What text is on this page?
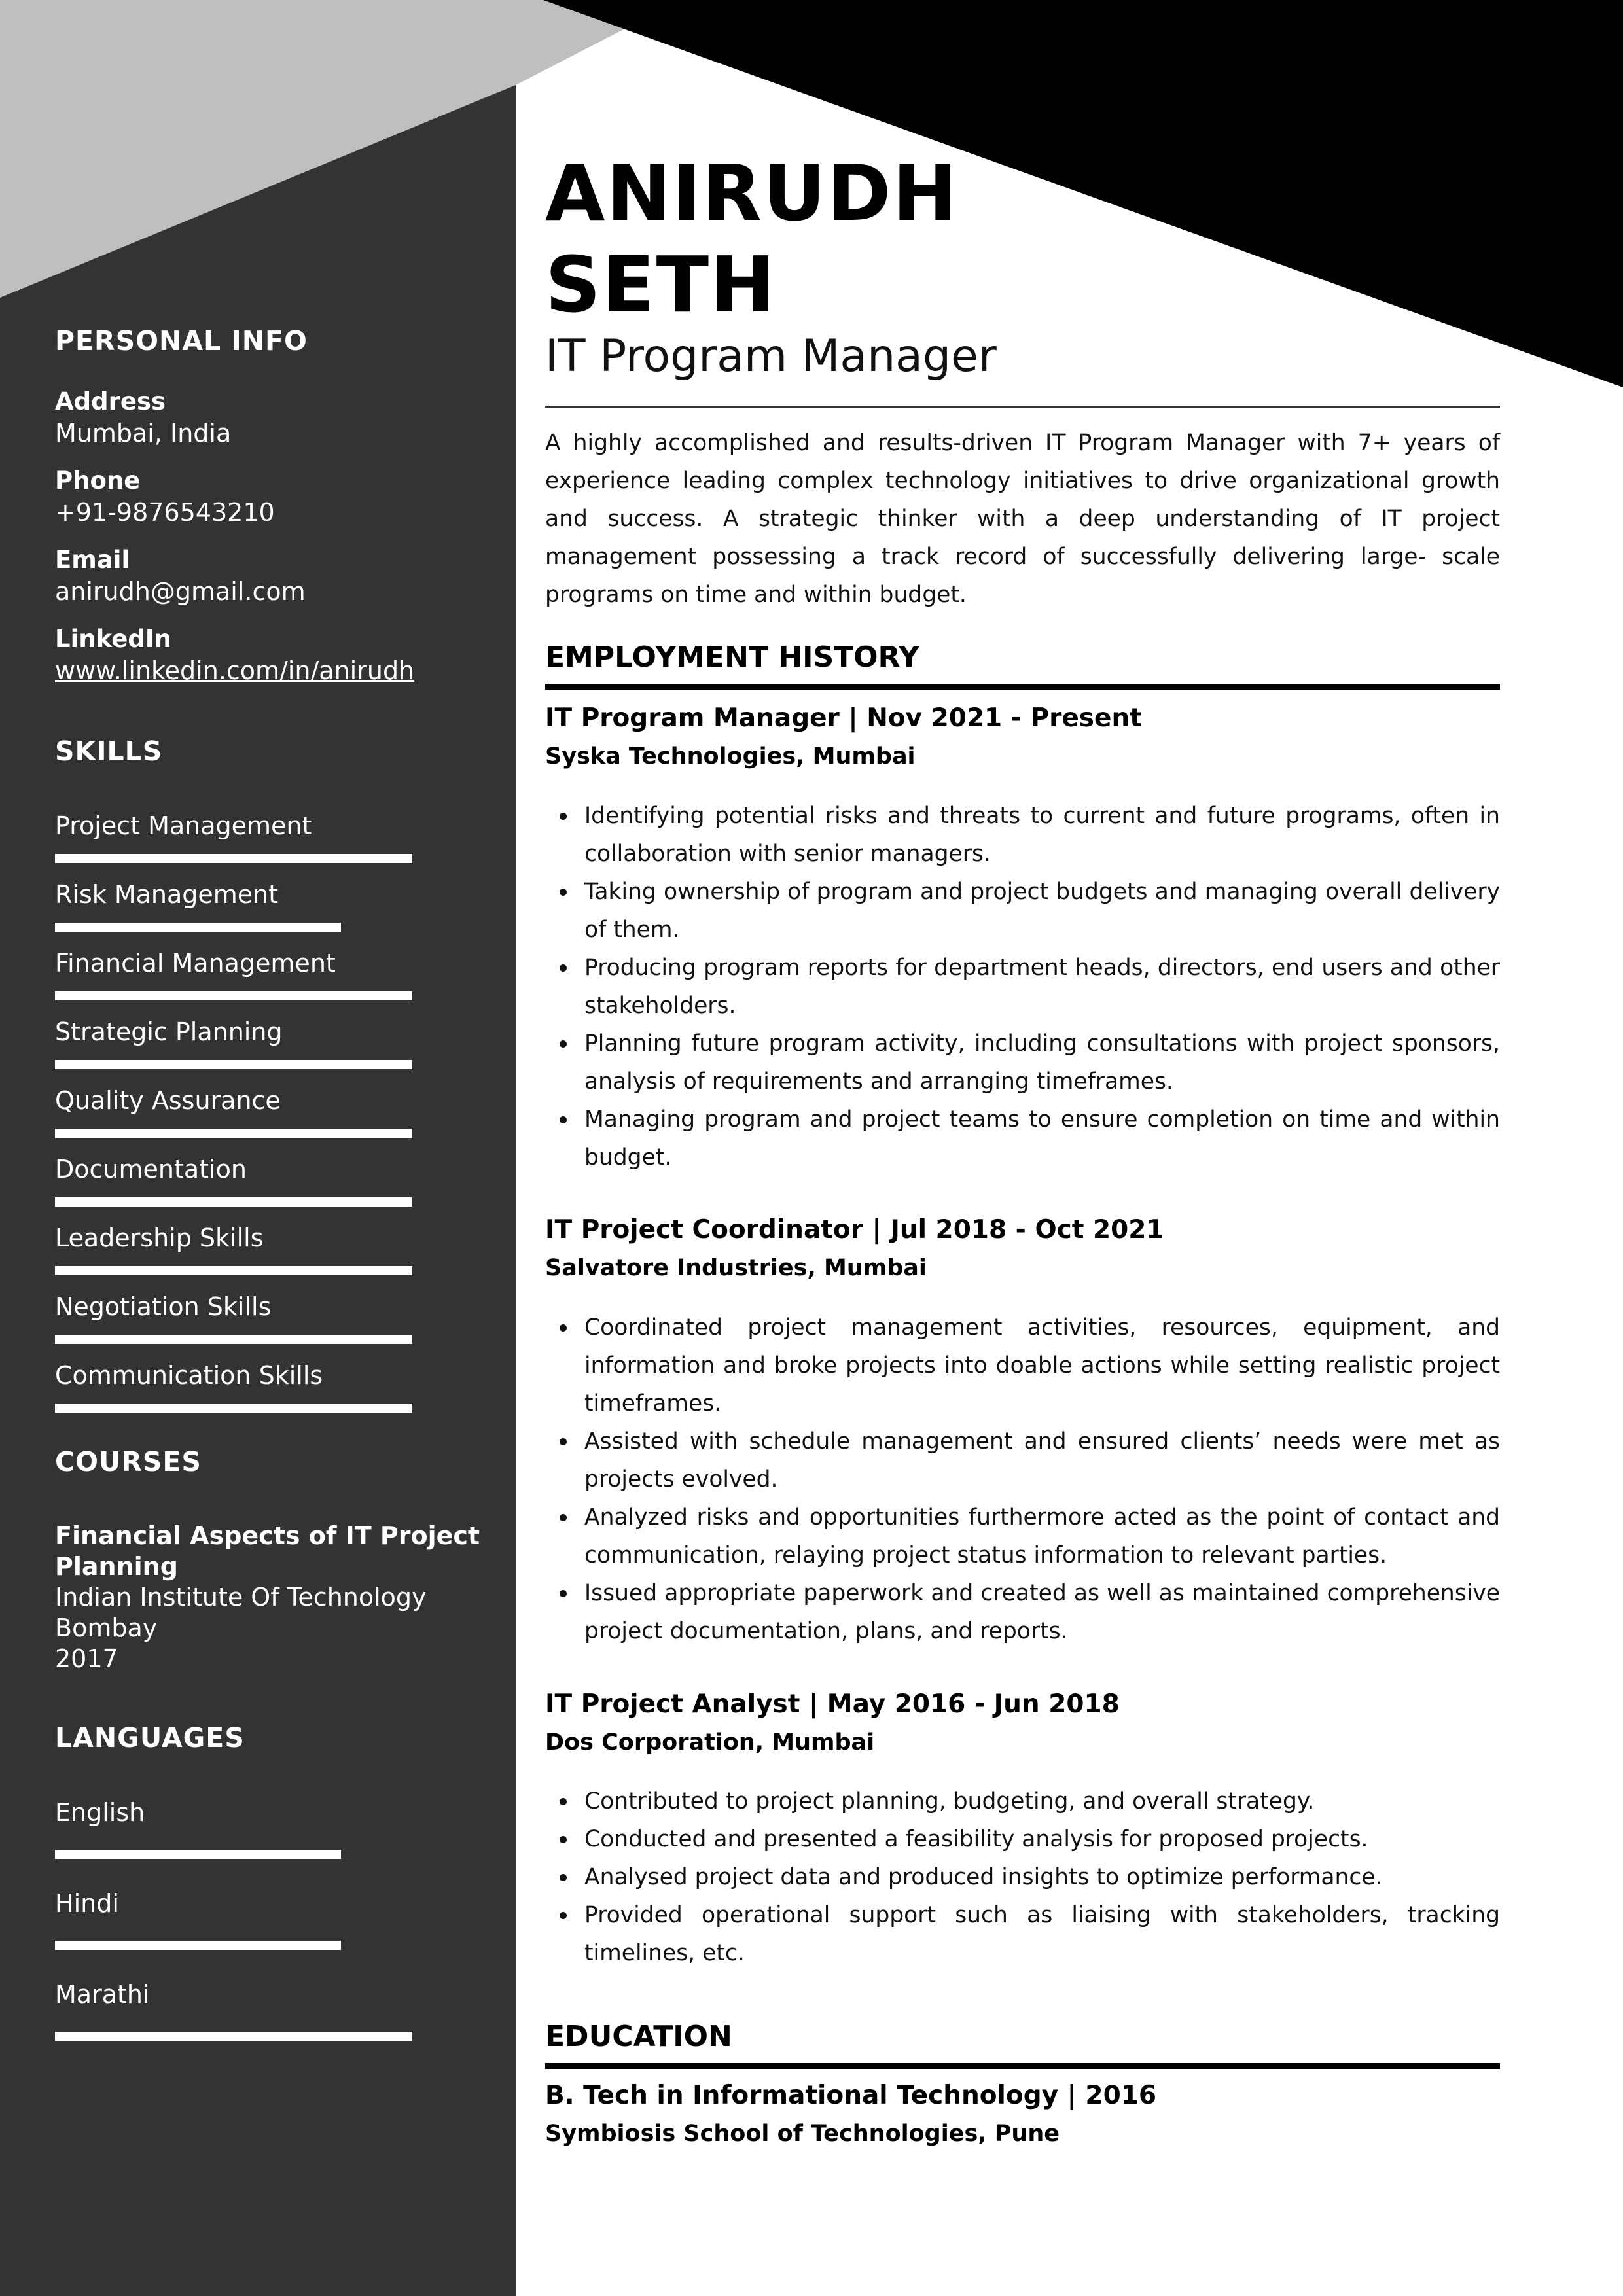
PERSONAL INFO
Address
Mumbai, India
Phone
+91-9876543210
Email
anirudh@gmail.com
LinkedIn
www.linkedin.com/in/anirudh
SKILLS
Project Management
Risk Management
Financial Management
Strategic Planning
Quality Assurance
Documentation
Leadership Skills
Negotiation Skills
Communication Skills
COURSES
Financial Aspects of IT Project Planning
Indian Institute Of Technology Bombay
2017
LANGUAGES
English
Hindi
Marathi
ANIRUDH
SETH
IT Program Manager

A highly accomplished and results-driven IT Program Manager with 7+ years of experience leading complex technology initiatives to drive organizational growth and success. A strategic thinker with a deep understanding of IT project management possessing a track record of successfully delivering large- scale programs on time and within budget.

EMPLOYMENT HISTORY
IT Program Manager | Nov 2021 - Present
Syska Technologies, Mumbai
Identifying potential risks and threats to current and future programs, often in collaboration with senior managers.
Taking ownership of program and project budgets and managing overall delivery of them.
Producing program reports for department heads, directors, end users and other stakeholders.
Planning future program activity, including consultations with project sponsors, analysis of requirements and arranging timeframes.
Managing program and project teams to ensure completion on time and within budget.
IT Project Coordinator | Jul 2018 - Oct 2021
Salvatore Industries, Mumbai
Coordinated project management activities, resources, equipment, and information and broke projects into doable actions while setting realistic project timeframes.
Assisted with schedule management and ensured clients’ needs were met as projects evolved.
Analyzed risks and opportunities furthermore acted as the point of contact and communication, relaying project status information to relevant parties.
Issued appropriate paperwork and created as well as maintained comprehensive project documentation, plans, and reports.
IT Project Analyst | May 2016 - Jun 2018
Dos Corporation, Mumbai
Contributed to project planning, budgeting, and overall strategy.
Conducted and presented a feasibility analysis for proposed projects.
Analysed project data and produced insights to optimize performance.
Provided operational support such as liaising with stakeholders, tracking timelines, etc.
EDUCATION
B. Tech in Informational Technology | 2016
Symbiosis School of Technologies, Pune
